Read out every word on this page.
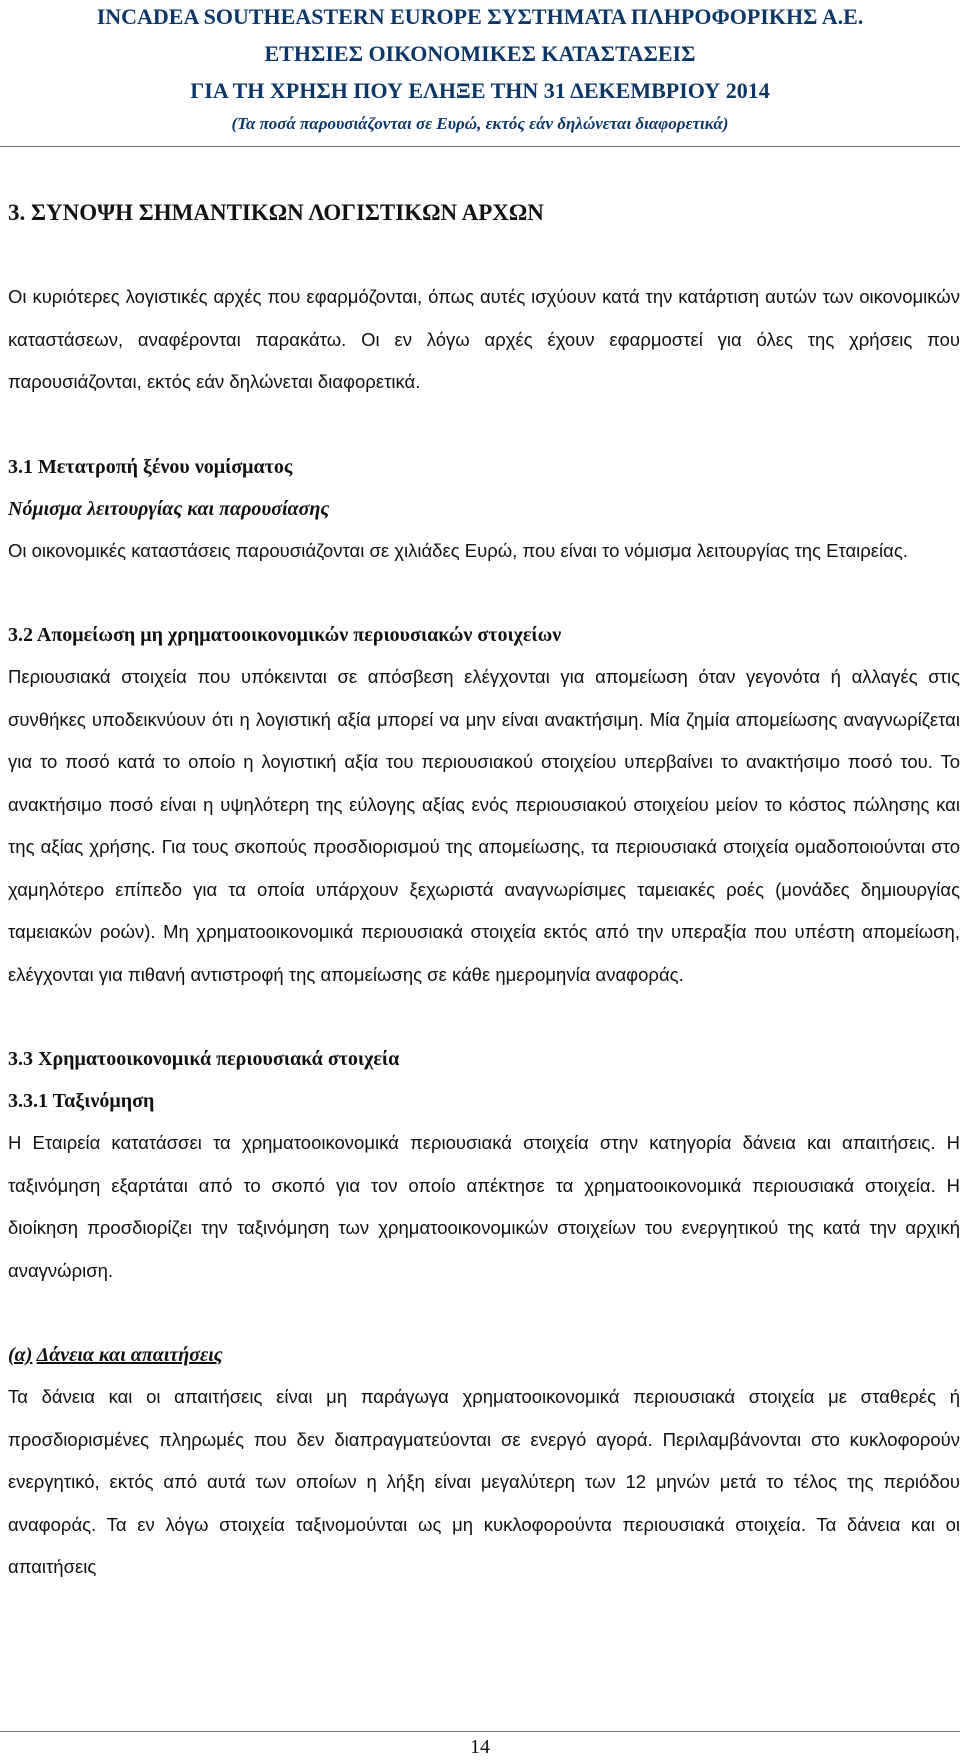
INCADEA SOUTHEASTERN EUROPE ΣΥΣΤΗΜΑΤΑ ΠΛΗΡΟΦΟΡΙΚΗΣ Α.Ε.
ΕΤΗΣΙΕΣ ΟΙΚΟΝΟΜΙΚΕΣ ΚΑΤΑΣΤΑΣΕΙΣ
ΓΙΑ ΤΗ ΧΡΗΣΗ ΠΟΥ ΕΛΗΞΕ ΤΗΝ 31 ΔΕΚΕΜΒΡΙΟΥ 2014
(Τα ποσά παρουσιάζονται σε Ευρώ, εκτός εάν δηλώνεται διαφορετικά)
3. ΣΥΝΟΨΗ ΣΗΜΑΝΤΙΚΩΝ ΛΟΓΙΣΤΙΚΩΝ ΑΡΧΩΝ

Οι κυριότερες λογιστικές αρχές που εφαρμόζονται, όπως αυτές ισχύουν κατά την κατάρτιση αυτών των οικονομικών καταστάσεων, αναφέρονται παρακάτω. Οι εν λόγω αρχές έχουν εφαρμοστεί για όλες της χρήσεις που παρουσιάζονται, εκτός εάν δηλώνεται διαφορετικά.

3.1 Μετατροπή ξένου νομίσματος
Νόμισμα λειτουργίας και παρουσίασης

Οι οικονομικές καταστάσεις παρουσιάζονται σε χιλιάδες Ευρώ, που είναι το νόμισμα λειτουργίας της Εταιρείας.

3.2 Απομείωση μη χρηματοοικονομικών περιουσιακών στοιχείων

Περιουσιακά στοιχεία που υπόκεινται σε απόσβεση ελέγχονται για απομείωση όταν γεγονότα ή αλλαγές στις συνθήκες υποδεικνύουν ότι η λογιστική αξία μπορεί να μην είναι ανακτήσιμη. Μία ζημία απομείωσης αναγνωρίζεται για το ποσό κατά το οποίο η λογιστική αξία του περιουσιακού στοιχείου υπερβαίνει το ανακτήσιμο ποσό του. Το ανακτήσιμο ποσό είναι η υψηλότερη της εύλογης αξίας ενός περιουσιακού στοιχείου μείον το κόστος πώλησης και της αξίας χρήσης. Για τους σκοπούς προσδιορισμού της απομείωσης, τα περιουσιακά στοιχεία ομαδοποιούνται στο χαμηλότερο επίπεδο για τα οποία υπάρχουν ξεχωριστά αναγνωρίσιμες ταμειακές ροές (μονάδες δημιουργίας ταμειακών ροών). Μη χρηματοοικονομικά περιουσιακά στοιχεία εκτός από την υπεραξία που υπέστη απομείωση, ελέγχονται για πιθανή αντιστροφή της απομείωσης σε κάθε ημερομηνία αναφοράς.

3.3 Χρηματοοικονομικά περιουσιακά στοιχεία
3.3.1 Ταξινόμηση

Η Εταιρεία κατατάσσει τα χρηματοοικονομικά περιουσιακά στοιχεία στην κατηγορία δάνεια και απαιτήσεις. Η ταξινόμηση εξαρτάται από το σκοπό για τον οποίο απέκτησε τα χρηματοοικονομικά περιουσιακά στοιχεία. Η διοίκηση προσδιορίζει την ταξινόμηση των χρηματοοικονομικών στοιχείων του ενεργητικού της κατά την αρχική αναγνώριση.

(α) Δάνεια και απαιτήσεις

Τα δάνεια και οι απαιτήσεις είναι μη παράγωγα χρηματοοικονομικά περιουσιακά στοιχεία με σταθερές ή προσδιορισμένες πληρωμές που δεν διαπραγματεύονται σε ενεργό αγορά. Περιλαμβάνονται στο κυκλοφορούν ενεργητικό, εκτός από αυτά των οποίων η λήξη είναι μεγαλύτερη των 12 μηνών μετά το τέλος της περιόδου αναφοράς. Τα εν λόγω στοιχεία ταξινομούνται ως μη κυκλοφορούντα περιουσιακά στοιχεία. Τα δάνεια και οι απαιτήσεις

14
